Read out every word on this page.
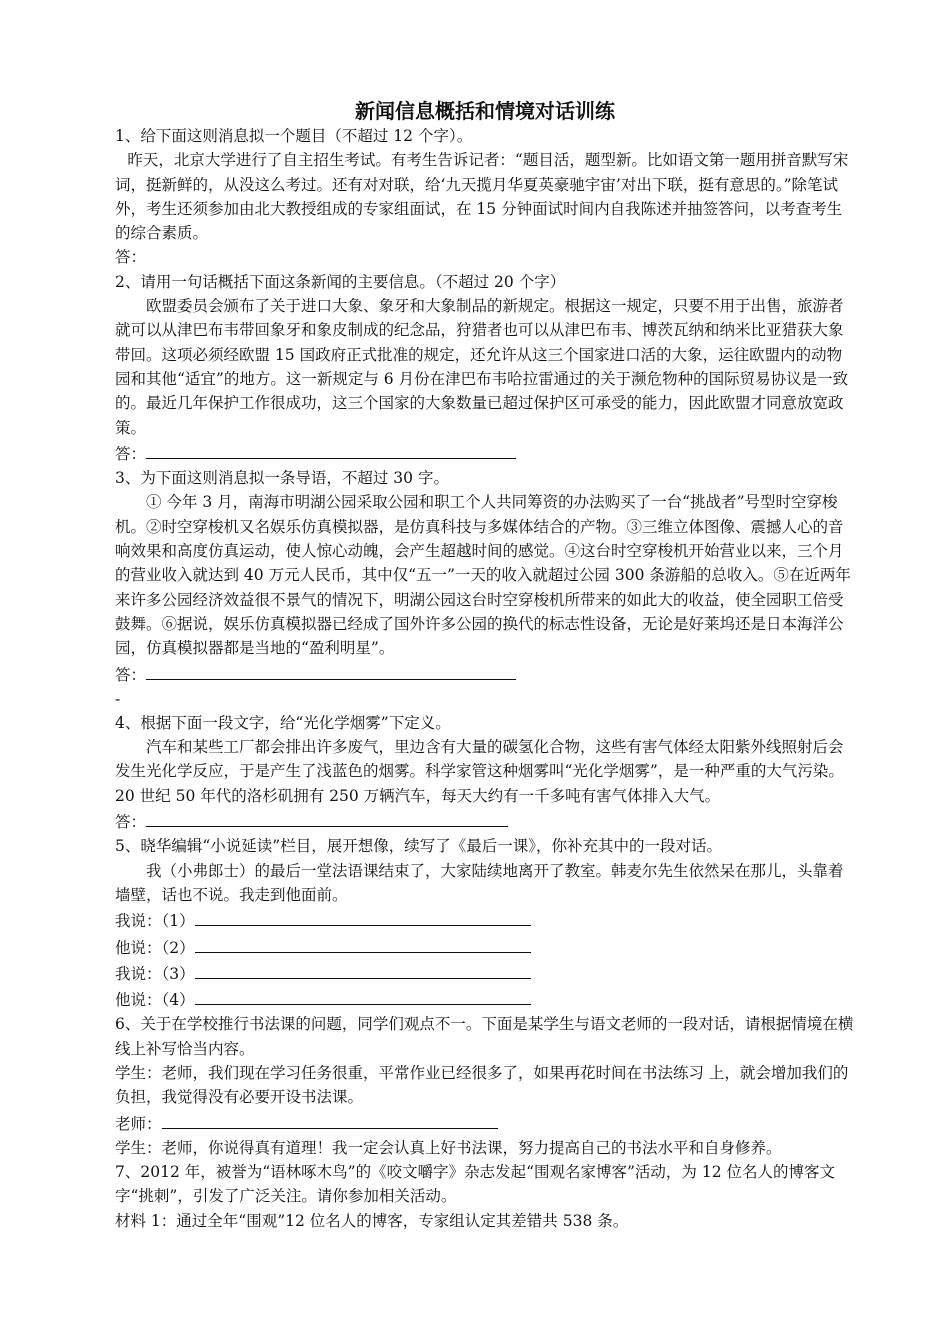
新闻信息概括和情境对话训练

1、给下面这则消息拟一个题目（不超过 12 个字）。

昨天，北京大学进行了自主招生考试。有考生告诉记者：“题目活，题型新。比如语文第一题用拼音默写宋词，挺新鲜的，从没这么考过。还有对对联，给‘九天揽月华夏英豪驰宇宙’对出下联，挺有意思的。”除笔试外，考生还须参加由北大教授组成的专家组面试，在 15 分钟面试时间内自我陈述并抽签答问，以考查考生的综合素质。

答：

2、请用一句话概括下面这条新闻的主要信息。（不超过 20 个字）

欧盟委员会颁布了关于进口大象、象牙和大象制品的新规定。根据这一规定，只要不用于出售，旅游者就可以从津巴布韦带回象牙和象皮制成的纪念品，狩猎者也可以从津巴布韦、博茨瓦纳和纳米比亚猎获大象带回。这项必须经欧盟 15 国政府正式批准的规定，还允许从这三个国家进口活的大象，运往欧盟内的动物园和其他“适宜”的地方。这一新规定与 6 月份在津巴布韦哈拉雷通过的关于濒危物种的国际贸易协议是一致的。最近几年保护工作很成功，这三个国家的大象数量已超过保护区可承受的能力，因此欧盟才同意放宽政策。

答：

3、为下面这则消息拟一条导语，不超过 30 字。

① 今年 3 月，南海市明湖公园采取公园和职工个人共同筹资的办法购买了一台“挑战者”号型时空穿梭机。②时空穿梭机又名娱乐仿真模拟器，是仿真科技与多媒体结合的产物。③三维立体图像、震撼人心的音响效果和高度仿真运动，使人惊心动魄，会产生超越时间的感觉。④这台时空穿梭机开始营业以来，三个月的营业收入就达到 40 万元人民币，其中仅“五一”一天的收入就超过公园 300 条游船的总收入。⑤在近两年来许多公园经济效益很不景气的情况下，明湖公园这台时空穿梭机所带来的如此大的收益，使全园职工倍受鼓舞。⑥据说，娱乐仿真模拟器已经成了国外许多公园的换代的标志性设备，无论是好莱坞还是日本海洋公园，仿真模拟器都是当地的“盈利明星”。

答：

-

4、根据下面一段文字，给“光化学烟雾”下定义。

汽车和某些工厂都会排出许多废气，里边含有大量的碳氢化合物，这些有害气体经太阳紫外线照射后会发生光化学反应，于是产生了浅蓝色的烟雾。科学家管这种烟雾叫“光化学烟雾”，是一种严重的大气污染。20 世纪 50 年代的洛杉矶拥有 250 万辆汽车，每天大约有一千多吨有害气体排入大气。

答：

5、晓华编辑“小说延读”栏目，展开想像，续写了《最后一课》，你补充其中的一段对话。

我（小弗郎士）的最后一堂法语课结束了，大家陆续地离开了教室。韩麦尔先生依然呆在那儿，头靠着墙壁，话也不说。我走到他面前。

我说：（1）

他说：（2）

我说：（3）

他说：（4）

6、关于在学校推行书法课的问题，同学们观点不一。下面是某学生与语文老师的一段对话，请根据情境在横线上补写恰当内容。

学生：老师，我们现在学习任务很重，平常作业已经很多了，如果再花时间在书法练习 上，就会增加我们的负担，我觉得没有必要开设书法课。

老师：

学生：老师，你说得真有道理！我一定会认真上好书法课，努力提高自己的书法水平和自身修养。

7、2012 年，被誉为“语林啄木鸟”的《咬文嚼字》杂志发起“围观名家博客”活动，为 12 位名人的博客文字“挑刺”，引发了广泛关注。请你参加相关活动。

材料 1：通过全年“围观”12 位名人的博客，专家组认定其差错共 538 条。
